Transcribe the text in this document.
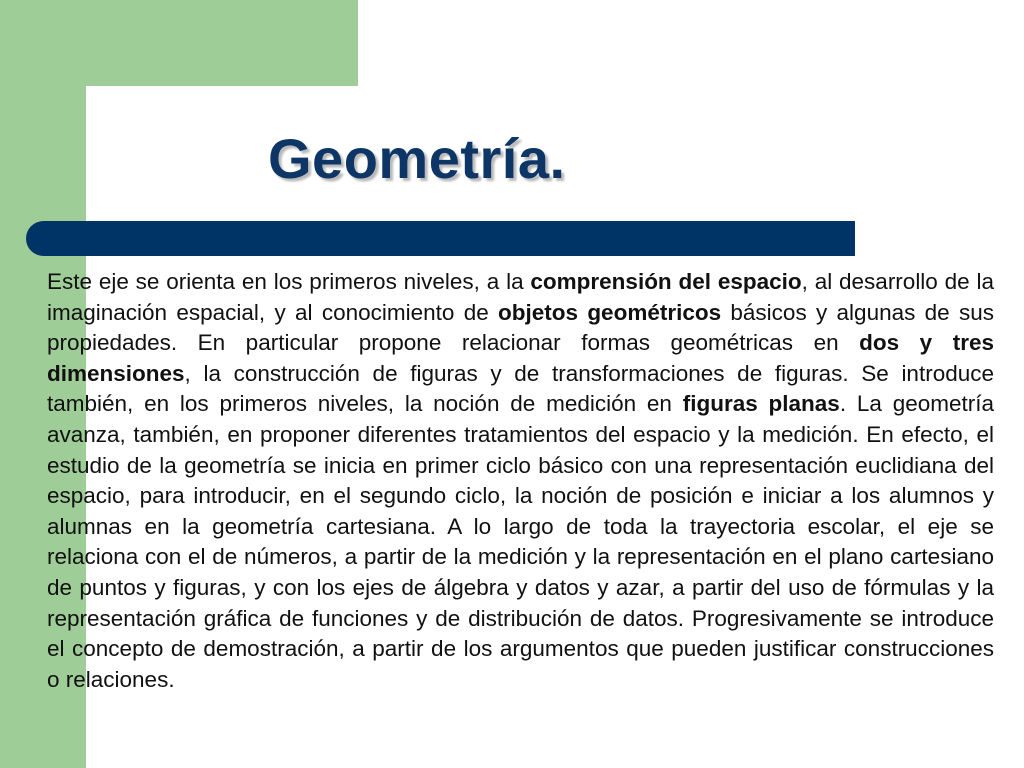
Geometría.

Este eje se orienta en los primeros niveles, a la comprensión del espacio, al desarrollo de la imaginación espacial, y al conocimiento de objetos geométricos básicos y algunas de sus propiedades. En particular propone relacionar formas geométricas en dos y tres dimensiones, la construcción de figuras y de transformaciones de figuras. Se introduce también, en los primeros niveles, la noción de medición en figuras planas. La geometría avanza, también, en proponer diferentes tratamientos del espacio y la medición. En efecto, el estudio de la geometría se inicia en primer ciclo básico con una representación euclidiana del espacio, para introducir, en el segundo ciclo, la noción de posición e iniciar a los alumnos y alumnas en la geometría cartesiana. A lo largo de toda la trayectoria escolar, el eje se relaciona con el de números, a partir de la medición y la representación en el plano cartesiano de puntos y figuras, y con los ejes de álgebra y datos y azar, a partir del uso de fórmulas y la representación gráfica de funciones y de distribución de datos. Progresivamente se introduce el concepto de demostración, a partir de los argumentos que pueden justificar construcciones o relaciones.
